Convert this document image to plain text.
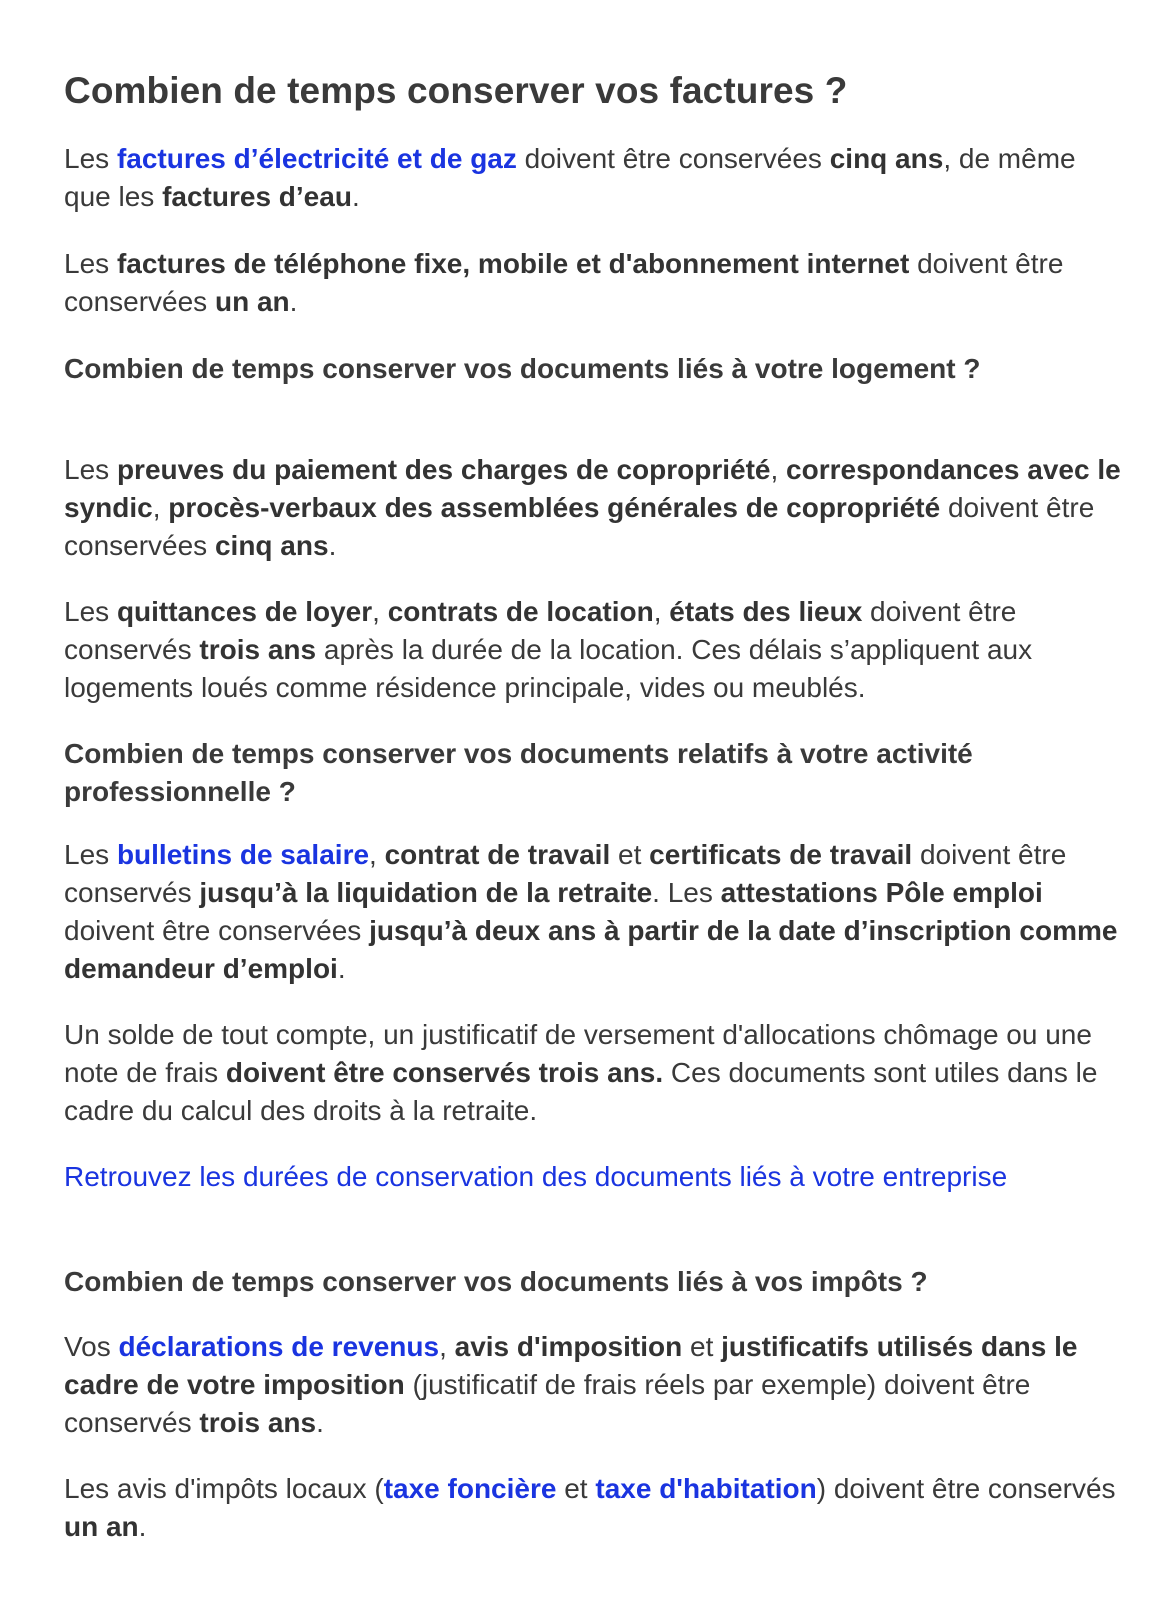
Combien de temps conserver vos factures ?

Les factures d’électricité et de gaz doivent être conservées cinq ans, de même que les factures d’eau.

Les factures de téléphone fixe, mobile et d'abonnement internet doivent être conservées un an.

Combien de temps conserver vos documents liés à votre logement ?

Les preuves du paiement des charges de copropriété, correspondances avec le syndic, procès-verbaux des assemblées générales de copropriété doivent être conservées cinq ans.

Les quittances de loyer, contrats de location, états des lieux doivent être conservés trois ans après la durée de la location. Ces délais s’appliquent aux logements loués comme résidence principale, vides ou meublés.

Combien de temps conserver vos documents relatifs à votre activité professionnelle ?

Les bulletins de salaire, contrat de travail et certificats de travail doivent être conservés jusqu’à la liquidation de la retraite. Les attestations Pôle emploi doivent être conservées jusqu’à deux ans à partir de la date d’inscription comme demandeur d’emploi.

Un solde de tout compte, un justificatif de versement d'allocations chômage ou une note de frais doivent être conservés trois ans. Ces documents sont utiles dans le cadre du calcul des droits à la retraite.

Retrouvez les durées de conservation des documents liés à votre entreprise

Combien de temps conserver vos documents liés à vos impôts ?

Vos déclarations de revenus, avis d'imposition et justificatifs utilisés dans le cadre de votre imposition (justificatif de frais réels par exemple) doivent être conservés trois ans.

Les avis d'impôts locaux (taxe foncière et taxe d'habitation) doivent être conservés un an.
